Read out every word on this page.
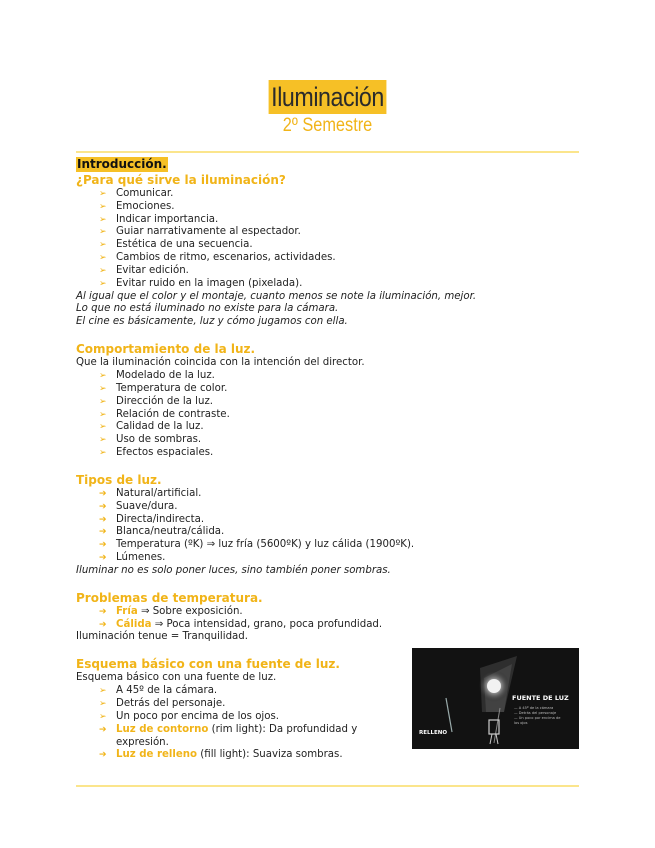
Iluminación
2º Semestre
Introducción.
¿Para qué sirve la iluminación?
➢ Comunicar.
➢ Emociones.
➢ Indicar importancia.
➢ Guiar narrativamente al espectador.
➢ Estética de una secuencia.
➢ Cambios de ritmo, escenarios, actividades.
➢ Evitar edición.
➢ Evitar ruido en la imagen (pixelada).
Al igual que el color y el montaje, cuanto menos se note la iluminación, mejor.
Lo que no está iluminado no existe para la cámara.
El cine es básicamente, luz y cómo jugamos con ella.
Comportamiento de la luz.
Que la iluminación coincida con la intención del director.
➢ Modelado de la luz.
➢ Temperatura de color.
➢ Dirección de la luz.
➢ Relación de contraste.
➢ Calidad de la luz.
➢ Uso de sombras.
➢ Efectos espaciales.
Tipos de luz.
➔ Natural/artificial.
➔ Suave/dura.
➔ Directa/indirecta.
➔ Blanca/neutra/cálida.
➔ Temperatura (ºK) ⇒ luz fría (5600ºK) y luz cálida (1900ºK).
➔ Lúmenes.
Iluminar no es solo poner luces, sino también poner sombras.
Problemas de temperatura.
➔ Fría ⇒ Sobre exposición.
➔ Cálida ⇒ Poca intensidad, grano, poca profundidad.
Iluminación tenue = Tranquilidad.
Esquema básico con una fuente de luz.
Esquema básico con una fuente de luz.
➢ A 45º de la cámara.
➢ Detrás del personaje.
➢ Un poco por encima de los ojos.
➔ Luz de contorno (rim light): Da profundidad y expresión.
➔ Luz de relleno (fill light): Suaviza sombras.
RELLENO
FUENTE DE LUZ
— A 45º de la cámara
— Detrás del personaje
— Un poco por encima de
los ojos
